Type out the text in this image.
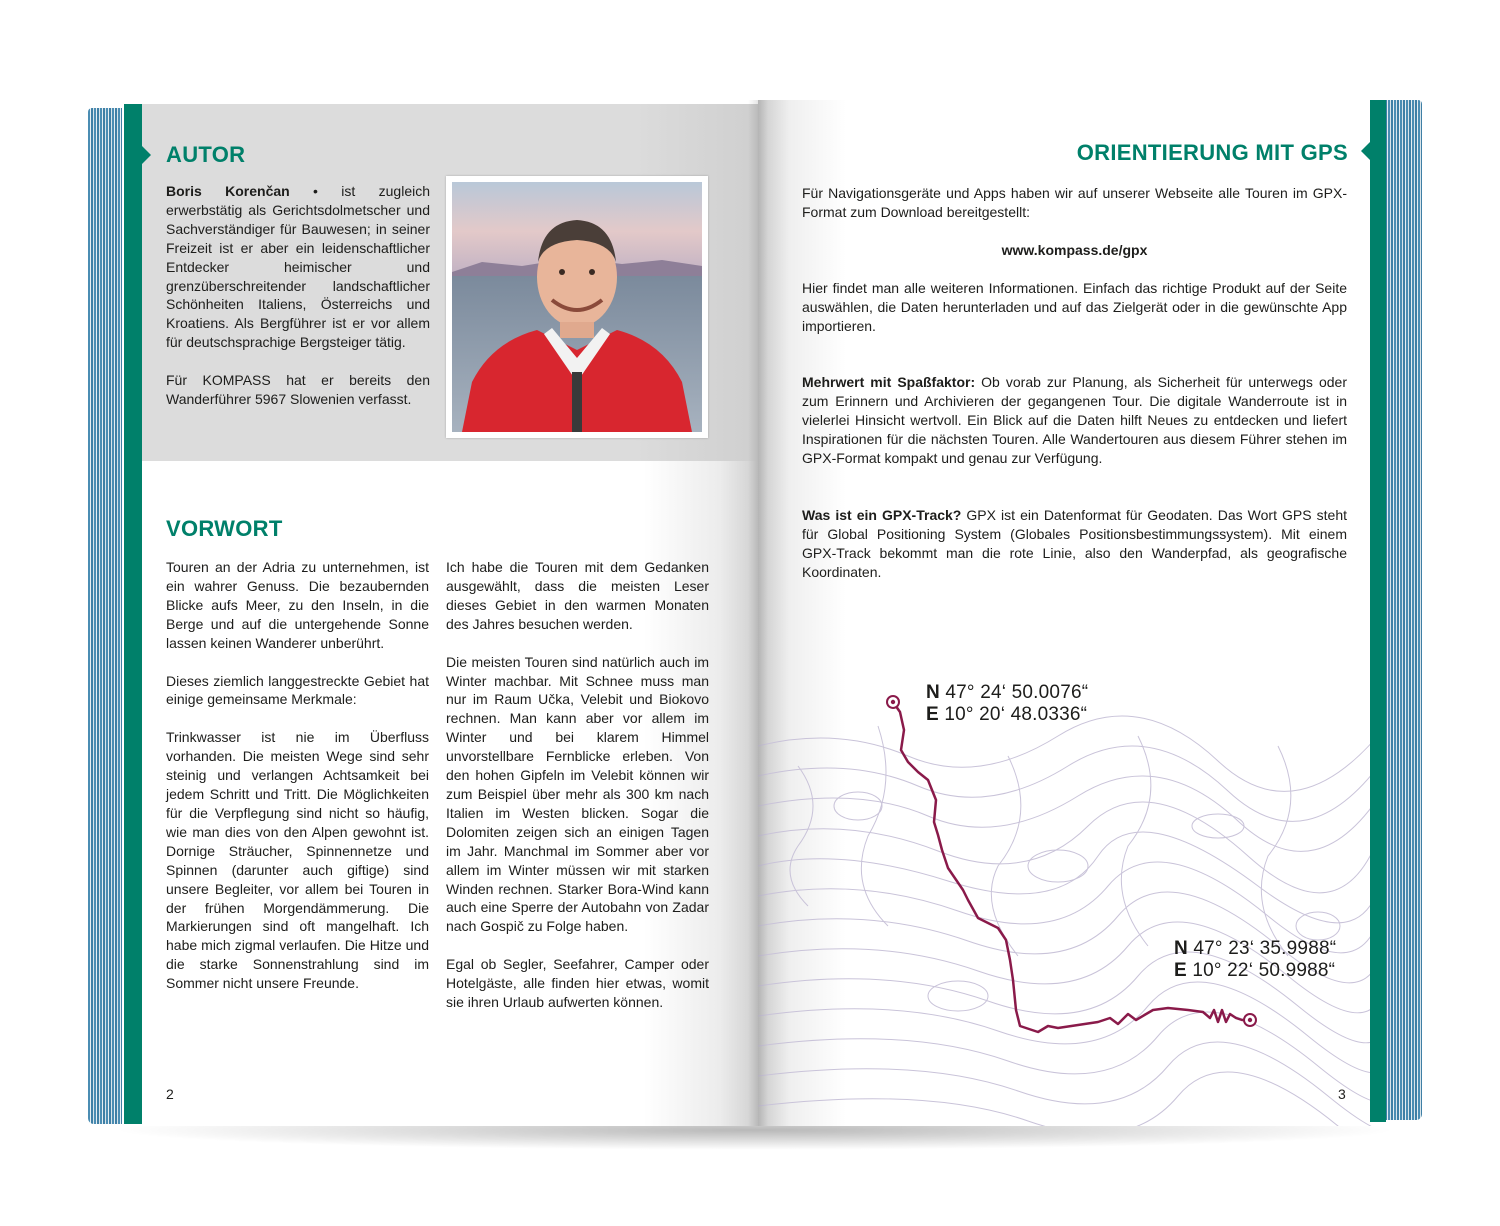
AUTOR

Boris Korenčan • ist zugleich erwerbstätig als Gerichtsdolmetscher und Sachverständiger für Bauwesen; in seiner Freizeit ist er aber ein leidenschaftlicher Entdecker heimischer und grenzüberschreitender landschaftlicher Schönheiten Italiens, Österreichs und Kroatiens. Als Bergführer ist er vor allem für deutschsprachige Bergsteiger tätig.

Für KOMPASS hat er bereits den Wanderführer 5967 Slowenien verfasst.

VORWORT

Touren an der Adria zu unternehmen, ist ein wahrer Genuss. Die bezaubernden Blicke aufs Meer, zu den Inseln, in die Berge und auf die untergehende Sonne lassen keinen Wanderer unberührt.

Dieses ziemlich langgestreckte Gebiet hat einige gemeinsame Merkmale:

Trinkwasser ist nie im Überfluss vorhanden. Die meisten Wege sind sehr steinig und verlangen Achtsamkeit bei jedem Schritt und Tritt. Die Möglichkeiten für die Verpflegung sind nicht so häufig, wie man dies von den Alpen gewohnt ist. Dornige Sträucher, Spinnennetze und Spinnen (darunter auch giftige) sind unsere Begleiter, vor allem bei Touren in der frühen Morgendämmerung. Die Markierungen sind oft mangelhaft. Ich habe mich zigmal verlaufen. Die Hitze und die starke Sonnenstrahlung sind im Sommer nicht unsere Freunde.

Ich habe die Touren mit dem Gedanken ausgewählt, dass die meisten Leser dieses Gebiet in den warmen Monaten des Jahres besuchen werden.

Die meisten Touren sind natürlich auch im Winter machbar. Mit Schnee muss man nur im Raum Učka, Velebit und Biokovo rechnen. Man kann aber vor allem im Winter und bei klarem Himmel unvorstellbare Fernblicke erleben. Von den hohen Gipfeln im Velebit können wir zum Beispiel über mehr als 300 km nach Italien im Westen blicken. Sogar die Dolomiten zeigen sich an einigen Tagen im Jahr. Manchmal im Sommer aber vor allem im Winter müssen wir mit starken Winden rechnen. Starker Bora-Wind kann auch eine Sperre der Autobahn von Zadar nach Gospič zu Folge haben.

Egal ob Segler, Seefahrer, Camper oder Hotelgäste, alle finden hier etwas, womit sie ihren Urlaub aufwerten können.

2
ORIENTIERUNG MIT GPS

Für Navigationsgeräte und Apps haben wir auf unserer Webseite alle Touren im GPX-Format zum Download bereitgestellt:

www.kompass.de/gpx

Hier findet man alle weiteren Informationen. Einfach das richtige Produkt auf der Seite auswählen, die Daten herunterladen und auf das Zielgerät oder in die gewünschte App importieren.

Mehrwert mit Spaßfaktor: Ob vorab zur Planung, als Sicherheit für unterwegs oder zum Erinnern und Archivieren der gegangenen Tour. Die digitale Wanderroute ist in vielerlei Hinsicht wertvoll. Ein Blick auf die Daten hilft Neues zu entdecken und liefert Inspirationen für die nächsten Touren. Alle Wandertouren aus diesem Führer stehen im GPX-Format kompakt und genau zur Verfügung.

Was ist ein GPX-Track? GPX ist ein Datenformat für Geodaten. Das Wort GPS steht für Global Positioning System (Globales Positionsbestimmungssystem). Mit einem GPX-Track bekommt man die rote Linie, also den Wanderpfad, als geografische Koordinaten.

N 47° 24‘ 50.0076“
E 10° 20‘ 48.0336“
N 47° 23‘ 35.9988“
E 10° 22‘ 50.9988“
3
